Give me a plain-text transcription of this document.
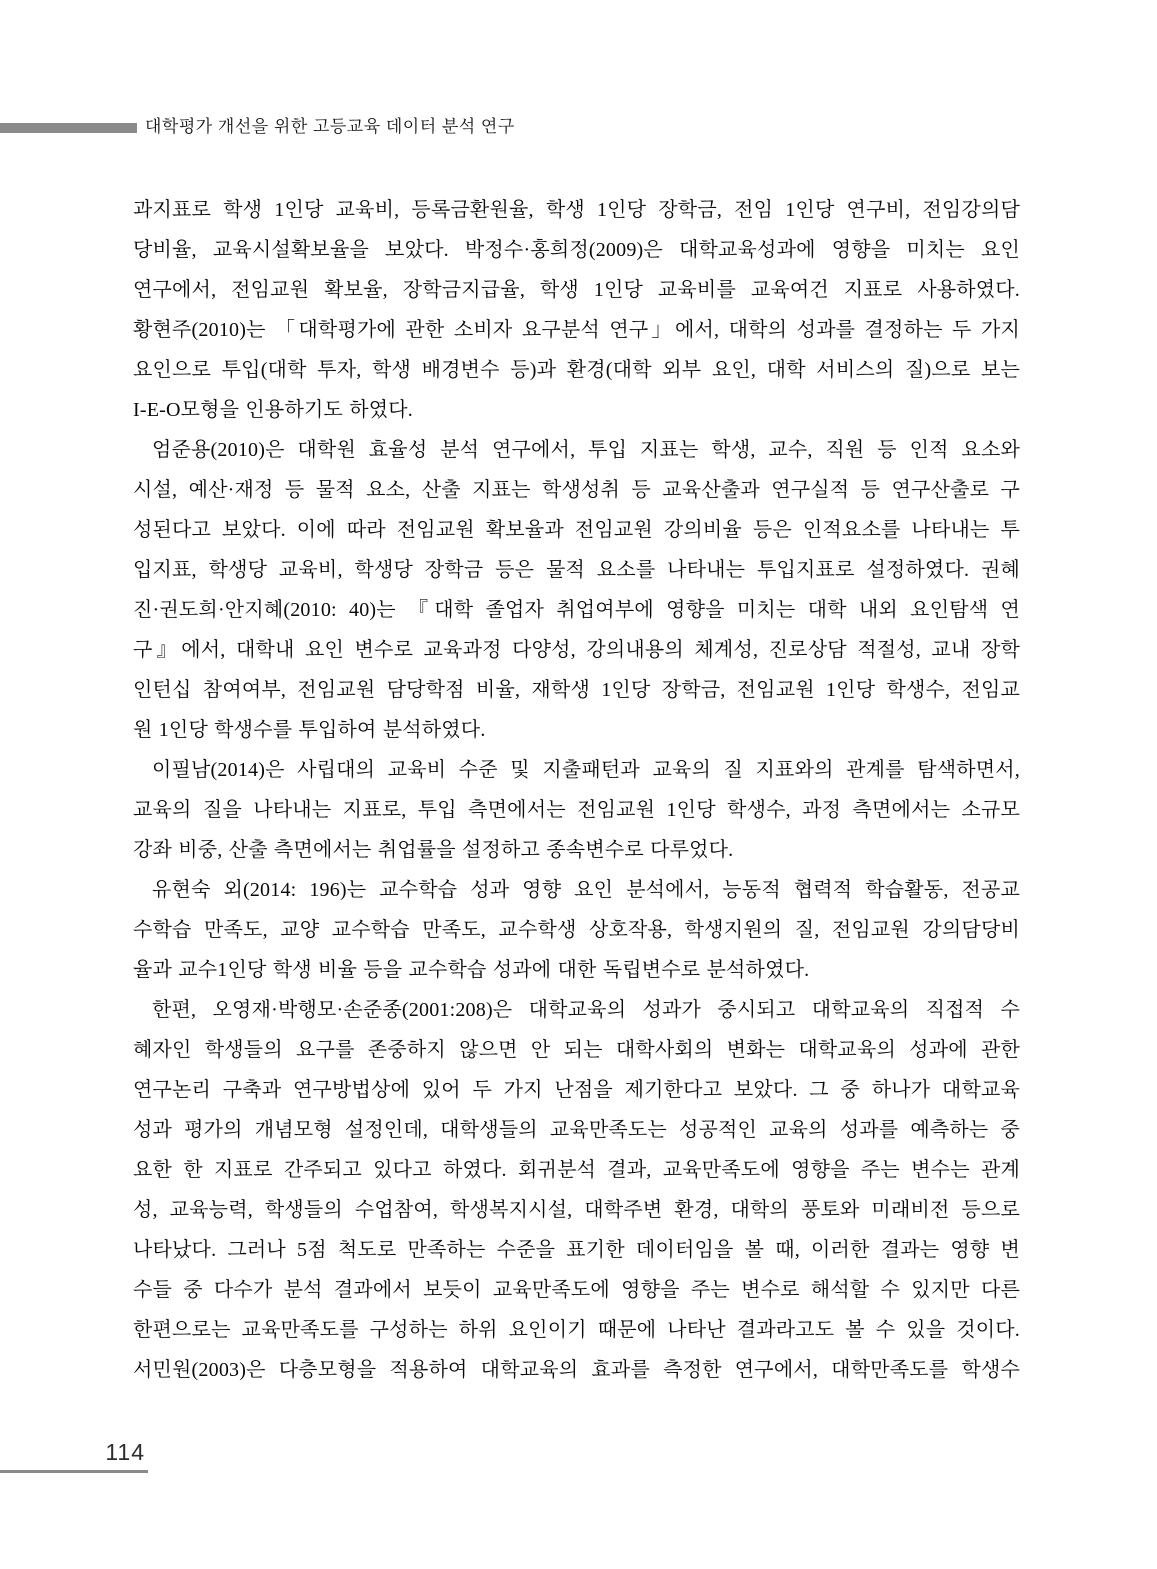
대학평가 개선을 위한 고등교육 데이터 분석 연구
과지표로 학생 1인당 교육비, 등록금환원율, 학생 1인당 장학금, 전임 1인당 연구비, 전임강의담
당비율, 교육시설확보율을 보았다. 박정수·홍희정(2009)은 대학교육성과에 영향을 미치는 요인
연구에서, 전임교원 확보율, 장학금지급율, 학생 1인당 교육비를 교육여건 지표로 사용하였다.
황현주(2010)는 「대학평가에 관한 소비자 요구분석 연구」에서, 대학의 성과를 결정하는 두 가지
요인으로 투입(대학 투자, 학생 배경변수 등)과 환경(대학 외부 요인, 대학 서비스의 질)으로 보는
I-E-O모형을 인용하기도 하였다.
엄준용(2010)은 대학원 효율성 분석 연구에서, 투입 지표는 학생, 교수, 직원 등 인적 요소와
시설, 예산·재정 등 물적 요소, 산출 지표는 학생성취 등 교육산출과 연구실적 등 연구산출로 구
성된다고 보았다. 이에 따라 전임교원 확보율과 전임교원 강의비율 등은 인적요소를 나타내는 투
입지표, 학생당 교육비, 학생당 장학금 등은 물적 요소를 나타내는 투입지표로 설정하였다. 권혜
진·권도희·안지혜(2010: 40)는 『대학 졸업자 취업여부에 영향을 미치는 대학 내외 요인탐색 연
구』에서, 대학내 요인 변수로 교육과정 다양성, 강의내용의 체계성, 진로상담 적절성, 교내 장학
인턴십 참여여부, 전임교원 담당학점 비율, 재학생 1인당 장학금, 전임교원 1인당 학생수, 전임교
원 1인당 학생수를 투입하여 분석하였다.
이필남(2014)은 사립대의 교육비 수준 및 지출패턴과 교육의 질 지표와의 관계를 탐색하면서,
교육의 질을 나타내는 지표로, 투입 측면에서는 전임교원 1인당 학생수, 과정 측면에서는 소규모
강좌 비중, 산출 측면에서는 취업률을 설정하고 종속변수로 다루었다.
유현숙 외(2014: 196)는 교수학습 성과 영향 요인 분석에서, 능동적 협력적 학습활동, 전공교
수학습 만족도, 교양 교수학습 만족도, 교수학생 상호작용, 학생지원의 질, 전임교원 강의담당비
율과 교수1인당 학생 비율 등을 교수학습 성과에 대한 독립변수로 분석하였다.
한편, 오영재·박행모·손준종(2001:208)은 대학교육의 성과가 중시되고 대학교육의 직접적 수
혜자인 학생들의 요구를 존중하지 않으면 안 되는 대학사회의 변화는 대학교육의 성과에 관한
연구논리 구축과 연구방법상에 있어 두 가지 난점을 제기한다고 보았다. 그 중 하나가 대학교육
성과 평가의 개념모형 설정인데, 대학생들의 교육만족도는 성공적인 교육의 성과를 예측하는 중
요한 한 지표로 간주되고 있다고 하였다. 회귀분석 결과, 교육만족도에 영향을 주는 변수는 관계
성, 교육능력, 학생들의 수업참여, 학생복지시설, 대학주변 환경, 대학의 풍토와 미래비전 등으로
나타났다. 그러나 5점 척도로 만족하는 수준을 표기한 데이터임을 볼 때, 이러한 결과는 영향 변
수들 중 다수가 분석 결과에서 보듯이 교육만족도에 영향을 주는 변수로 해석할 수 있지만 다른
한편으로는 교육만족도를 구성하는 하위 요인이기 때문에 나타난 결과라고도 볼 수 있을 것이다.
서민원(2003)은 다층모형을 적용하여 대학교육의 효과를 측정한 연구에서, 대학만족도를 학생수
114
